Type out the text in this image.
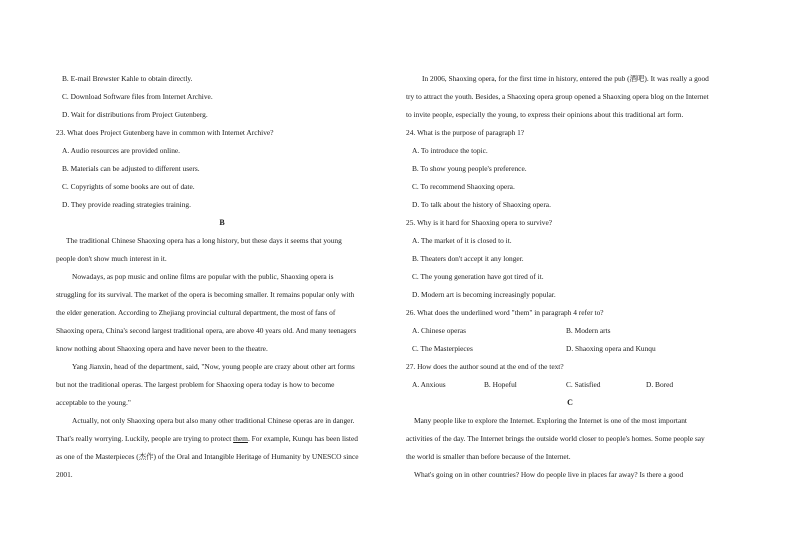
B. E-mail Brewster Kahle to obtain directly.
C. Download Software files from Internet Archive.
D. Wait for distributions from Project Gutenberg.
23. What does Project Gutenberg have in common with Internet Archive?
A. Audio resources are provided online.
B. Materials can be adjusted to different users.
C. Copyrights of some books are out of date.
D. They provide reading strategies training.
B
The traditional Chinese Shaoxing opera has a long history, but these days it seems that young
people don't show much interest in it.
Nowadays, as pop music and online films are popular with the public, Shaoxing opera is
struggling for its survival. The market of the opera is becoming smaller. It remains popular only with
the elder generation. According to Zhejiang provincial cultural department, the most of fans of
Shaoxing opera, China's second largest traditional opera, are above 40 years old. And many teenagers
know nothing about Shaoxing opera and have never been to the theatre.
Yang Jianxin, head of the department, said, "Now, young people are crazy about other art forms
but not the traditional operas. The largest problem for Shaoxing opera today is how to become
acceptable to the young."
Actually, not only Shaoxing opera but also many other traditional Chinese operas are in danger.
That's really worrying. Luckily, people are trying to protect them. For example, Kunqu has been listed
as one of the Masterpieces (杰作) of the Oral and Intangible Heritage of Humanity by UNESCO since
2001.
In 2006, Shaoxing opera, for the first time in history, entered the pub (酒吧). It was really a good
try to attract the youth. Besides, a Shaoxing opera group opened a Shaoxing opera blog on the Internet
to invite people, especially the young, to express their opinions about this traditional art form.
24. What is the purpose of paragraph 1?
A. To introduce the topic.
B. To show young people's preference.
C. To recommend Shaoxing opera.
D. To talk about the history of Shaoxing opera.
25. Why is it hard for Shaoxing opera to survive?
A. The market of it is closed to it.
B. Theaters don't accept it any longer.
C. The young generation have got tired of it.
D. Modern art is becoming increasingly popular.
26. What does the underlined word "them" in paragraph 4 refer to?
A. Chinese operas	B. Modern arts
C. The Masterpieces	D. Shaoxing opera and Kunqu
27. How does the author sound at the end of the text?
A. Anxious	B. Hopeful	C. Satisfied	D. Bored
C
Many people like to explore the Internet. Exploring the Internet is one of the most important
activities of the day. The Internet brings the outside world closer to people's homes. Some people say
the world is smaller than before because of the Internet.
What's going on in other countries? How do people live in places far away? Is there a good
